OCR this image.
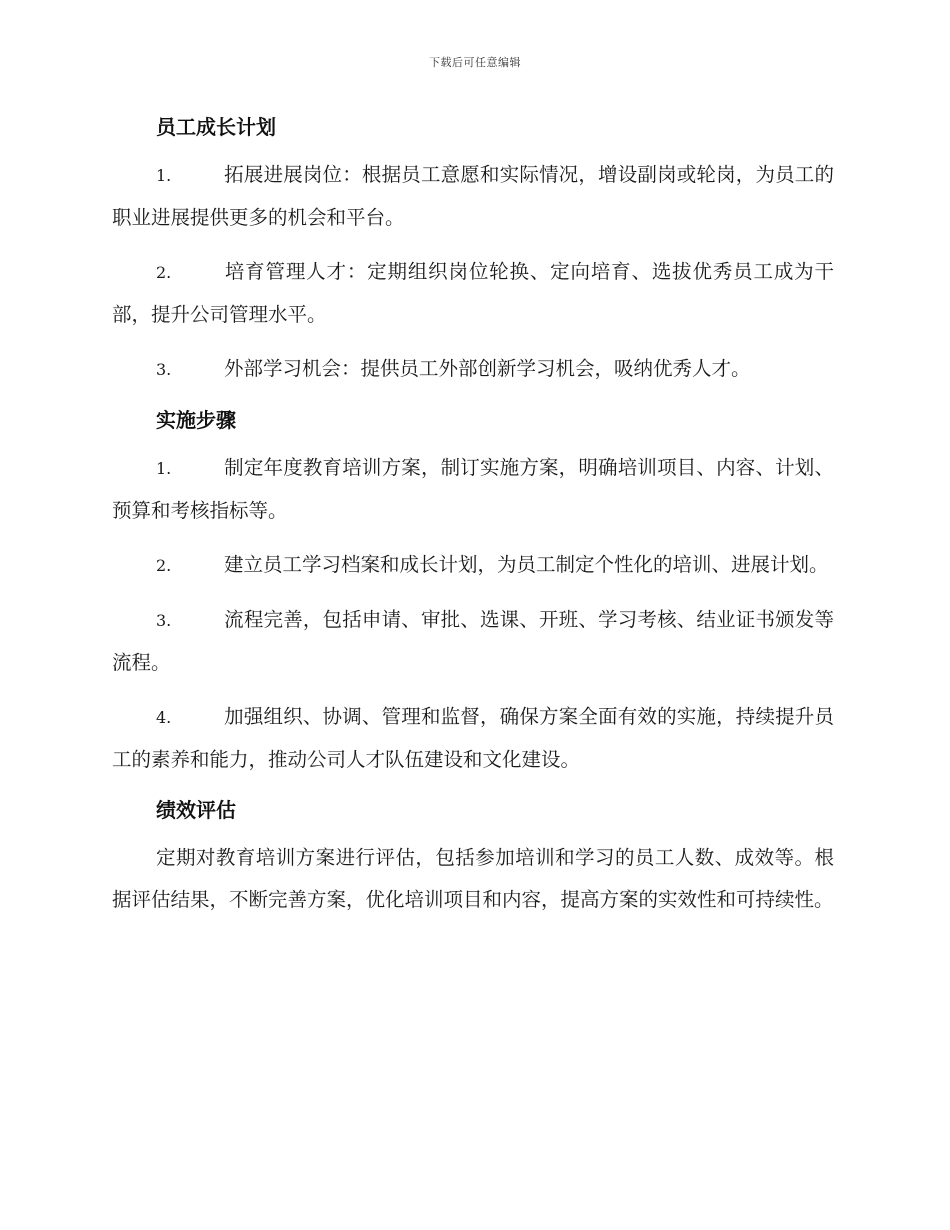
下载后可任意编辑
员工成长计划

1.	拓展进展岗位：根据员工意愿和实际情况，增设副岗或轮岗，为员工的职业进展提供更多的机会和平台。

2.	培育管理人才：定期组织岗位轮换、定向培育、选拔优秀员工成为干部，提升公司管理水平。

3.	外部学习机会：提供员工外部创新学习机会，吸纳优秀人才。

实施步骤

1.	制定年度教育培训方案，制订实施方案，明确培训项目、内容、计划、预算和考核指标等。

2.	建立员工学习档案和成长计划，为员工制定个性化的培训、进展计划。

3.	流程完善，包括申请、审批、选课、开班、学习考核、结业证书颁发等流程。

4.	加强组织、协调、管理和监督，确保方案全面有效的实施，持续提升员工的素养和能力，推动公司人才队伍建设和文化建设。

绩效评估

定期对教育培训方案进行评估，包括参加培训和学习的员工人数、成效等。根据评估结果，不断完善方案，优化培训项目和内容，提高方案的实效性和可持续性。
